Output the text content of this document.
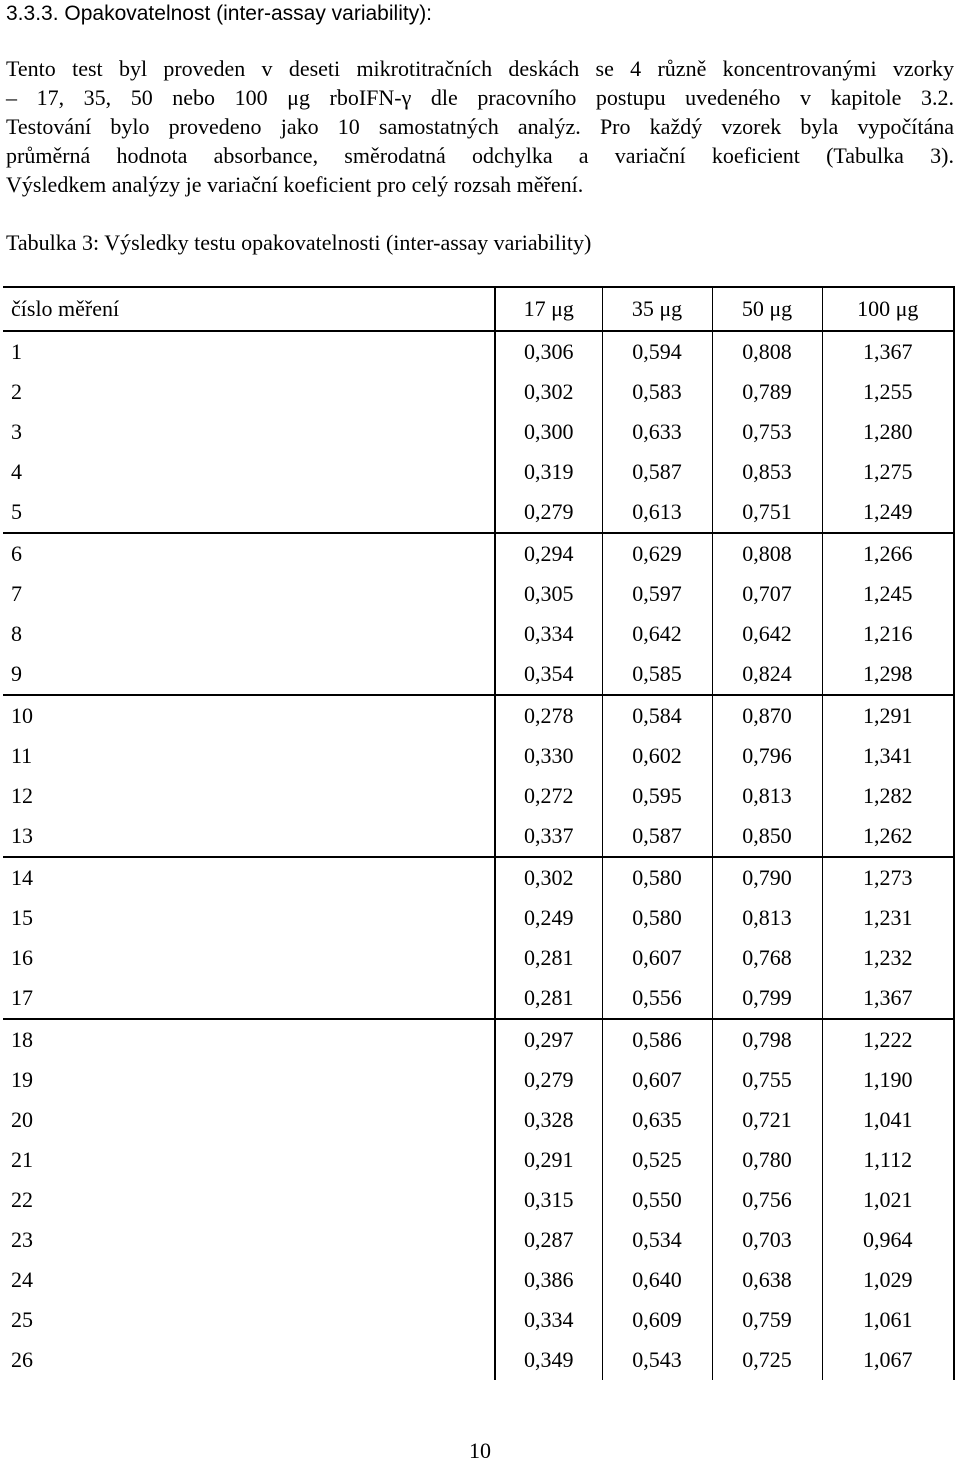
3.3.3. Opakovatelnost (inter-assay variability):
Tento test byl proveden v deseti mikrotitračních deskách se 4 různě koncentrovanými vzorky
– 17, 35, 50 nebo 100 μg rboIFN-γ dle pracovního postupu uvedeného v kapitole 3.2.
Testování bylo provedeno jako 10 samostatných analýz. Pro každý vzorek byla vypočítána
průměrná hodnota absorbance, směrodatná odchylka a variační koeficient (Tabulka 3).
Výsledkem analýzy je variační koeficient pro celý rozsah měření.
Tabulka 3: Výsledky testu opakovatelnosti (inter-assay variability)
číslo měření	17 μg	35 μg	50 μg	100 μg
1	0,306	0,594	0,808	1,367
2	0,302	0,583	0,789	1,255
3	0,300	0,633	0,753	1,280
4	0,319	0,587	0,853	1,275
5	0,279	0,613	0,751	1,249
6	0,294	0,629	0,808	1,266
7	0,305	0,597	0,707	1,245
8	0,334	0,642	0,642	1,216
9	0,354	0,585	0,824	1,298
10	0,278	0,584	0,870	1,291
11	0,330	0,602	0,796	1,341
12	0,272	0,595	0,813	1,282
13	0,337	0,587	0,850	1,262
14	0,302	0,580	0,790	1,273
15	0,249	0,580	0,813	1,231
16	0,281	0,607	0,768	1,232
17	0,281	0,556	0,799	1,367
18	0,297	0,586	0,798	1,222
19	0,279	0,607	0,755	1,190
20	0,328	0,635	0,721	1,041
21	0,291	0,525	0,780	1,112
22	0,315	0,550	0,756	1,021
23	0,287	0,534	0,703	0,964
24	0,386	0,640	0,638	1,029
25	0,334	0,609	0,759	1,061
26	0,349	0,543	0,725	1,067
10
